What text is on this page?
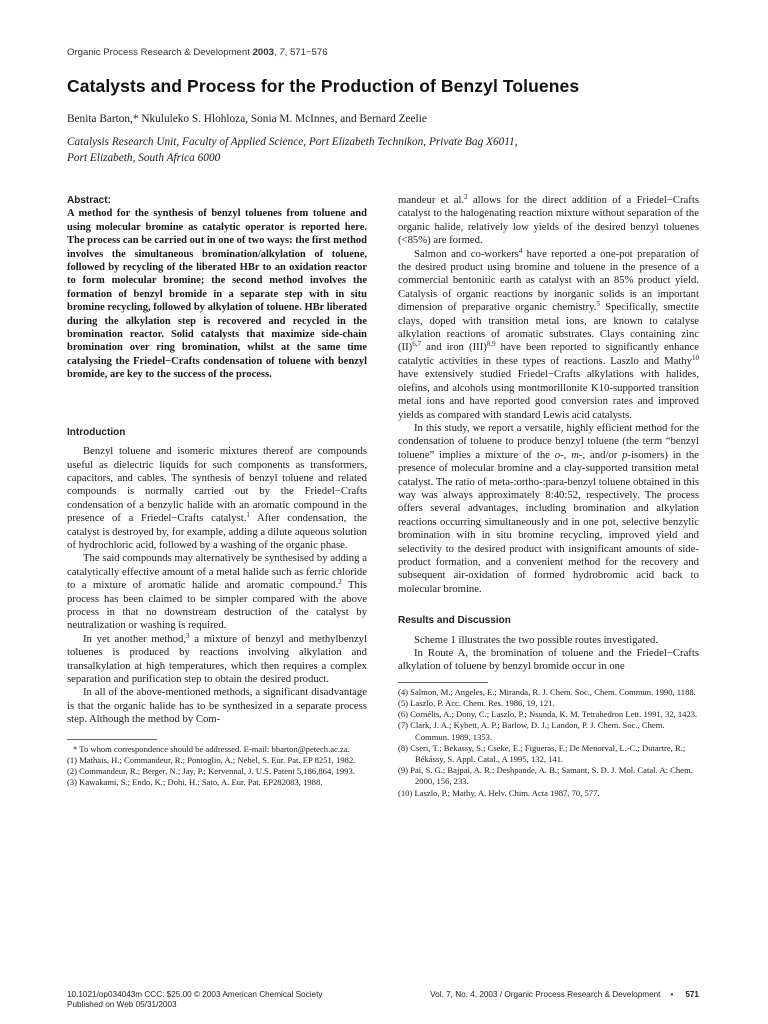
Organic Process Research & Development 2003, 7, 571−576
Catalysts and Process for the Production of Benzyl Toluenes
Benita Barton,* Nkululeko S. Hlohloza, Sonia M. McInnes, and Bernard Zeelie
Catalysis Research Unit, Faculty of Applied Science, Port Elizabeth Technikon, Private Bag X6011,
Port Elizabeth, South Africa 6000
Abstract:

A method for the synthesis of benzyl toluenes from toluene and using molecular bromine as catalytic operator is reported here. The process can be carried out in one of two ways: the first method involves the simultaneous bromination/alkylation of toluene, followed by recycling of the liberated HBr to an oxidation reactor to form molecular bromine; the second method involves the formation of benzyl bromide in a separate step with in situ bromine recycling, followed by alkylation of toluene. HBr liberated during the alkylation step is recovered and recycled in the bromination reactor. Solid catalysts that maximize side-chain bromination over ring bromination, whilst at the same time catalysing the Friedel−Crafts condensation of toluene with benzyl bromide, are key to the success of the process.

Introduction

Benzyl toluene and isomeric mixtures thereof are compounds useful as dielectric liquids for such components as transformers, capacitors, and cables. The synthesis of benzyl toluene and related compounds is normally carried out by the Friedel−Crafts condensation of a benzylic halide with an aromatic compound in the presence of a Friedel−Crafts catalyst.$^1$ After condensation, the catalyst is destroyed by, for example, adding a dilute aqueous solution of hydrochloric acid, followed by a washing of the organic phase.

The said compounds may alternatively be synthesised by adding a catalytically effective amount of a metal halide such as ferric chloride to a mixture of aromatic halide and aromatic compound.$^2$ This process has been claimed to be simpler compared with the above process in that no downstream destruction of the catalyst by neutralization or washing is required.

In yet another method,$^3$ a mixture of benzyl and methylbenzyl toluenes is produced by reactions involving alkylation and transalkylation at high temperatures, which then requires a complex separation and purification step to obtain the desired product.

In all of the above-mentioned methods, a significant disadvantage is that the organic halide has to be synthesized in a separate process step. Although the method by Com-

* To whom correspondence should be addressed. E-mail: bbarton@petech.ac.za.

(1) Mathais, H.; Commandeur, R.; Pontoglio, A.; Nebel, S. Eur. Pat. EP 8251, 1982.

(2) Commandeur, R.; Berger, N.; Jay, P.; Kervennal, J. U.S. Patent 5,186,864, 1993.

(3) Kawakami, S.; Endo, K.; Dohi, H.; Sato, A. Eur. Pat. EP282083, 1988.

mandeur et al.$^2$ allows for the direct addition of a Friedel−Crafts catalyst to the halogenating reaction mixture without separation of the organic halide, relatively low yields of the desired benzyl toluenes (<85%) are formed.

Salmon and co-workers$^4$ have reported a one-pot preparation of the desired product using bromine and toluene in the presence of a commercial bentonitic earth as catalyst with an 85% product yield. Catalysis of organic reactions by inorganic solids is an important dimension of preparative organic chemistry.$^5$ Specifically, smectite clays, doped with transition metal ions, are known to catalyse alkylation reactions of aromatic substrates. Clays containing zinc (II)$^{6,7}$ and iron (III)$^{8,9}$ have been reported to significantly enhance catalytic activities in these types of reactions. Laszlo and Mathy$^{10}$ have extensively studied Friedel−Crafts alkylations with halides, olefins, and alcohols using montmorillonite K10-supported transition metal ions and have reported good conversion rates and improved yields as compared with standard Lewis acid catalysts.

In this study, we report a versatile, highly efficient method for the condensation of toluene to produce benzyl toluene (the term “benzyl toluene” implies a mixture of the o-, m-, and/or p-isomers) in the presence of molecular bromine and a clay-supported transition metal catalyst. The ratio of meta-:ortho-:para-benzyl toluene obtained in this way was always approximately 8:40:52, respectively. The process offers several advantages, including bromination and alkylation reactions occurring simultaneously and in one pot, selective benzylic bromination with in situ bromine recycling, improved yield and selectivity to the desired product with insignificant amounts of side-product formation, and a convenient method for the recovery and subsequent air-oxidation of formed hydrobromic acid back to molecular bromine.

Results and Discussion

Scheme 1 illustrates the two possible routes investigated.

In Route A, the bromination of toluene and the Friedel−Crafts alkylation of toluene by benzyl bromide occur in one

(4) Salmon, M.; Angeles, E.; Miranda, R. J. Chem. Soc., Chem. Commun. 1990, 1188.

(5) Laszlo, P. Acc. Chem. Res. 1986, 19, 121.

(6) Cornélis, A.; Dony, C.; Laszlo, P.; Nsunda, K. M. Tetrahedron Lett. 1991, 32, 1423.

(7) Clark, J. A.; Kybett, A. P.; Barlow, D. J.; Landon, P. J. Chem. Soc., Chem. Commun. 1989, 1353.

(8) Cseri, T.; Bekassy, S.; Cseke, E.; Figueras, F.; De Menorval, L.-C.; Dutartre, R.; Békássy, S. Appl. Catal., A 1995, 132, 141.

(9) Pai, S. G.; Bajpai, A. R.; Deshpande, A. B.; Samant, S. D. J. Mol. Catal. A: Chem. 2000, 156, 233.

(10) Laszlo, P.; Mathy, A. Helv. Chim. Acta 1987, 70, 577.

10.1021/op034043m CCC: $25.00 © 2003 American Chemical Society
Published on Web 05/31/2003
Vol. 7, No. 4, 2003 / Organic Process Research & Development • 571
